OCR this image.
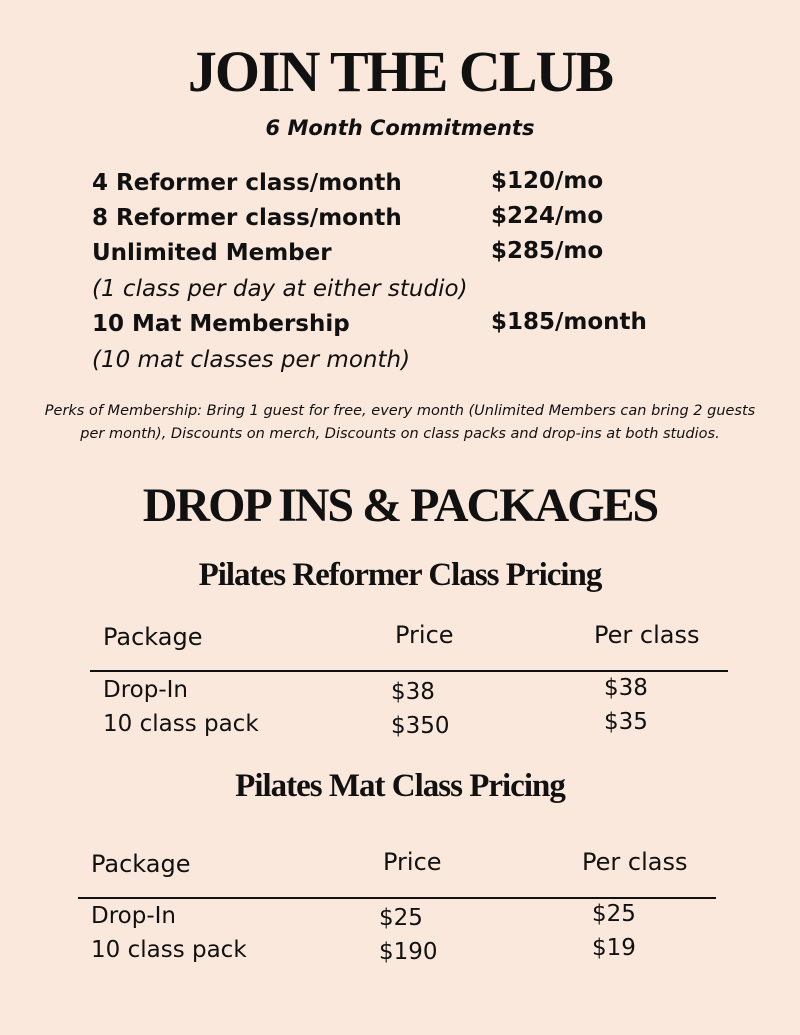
JOIN THE CLUB
6 Month Commitments
4 Reformer class/month	$120/mo
8 Reformer class/month	$224/mo
Unlimited Member	$285/mo
(1 class per day at either studio)
10 Mat Membership	$185/month
(10 mat classes per month)
Perks of Membership: Bring 1 guest for free, every month (Unlimited Members can bring 2 guests
per month), Discounts on merch, Discounts on class packs and drop-ins at both studios.
DROP INS & PACKAGES
Pilates Reformer Class Pricing
Package	Price	Per class
Drop-In	$38	$38
10 class pack	$350	$35
Pilates Mat Class Pricing
Package	Price	Per class
Drop-In	$25	$25
10 class pack	$190	$19
